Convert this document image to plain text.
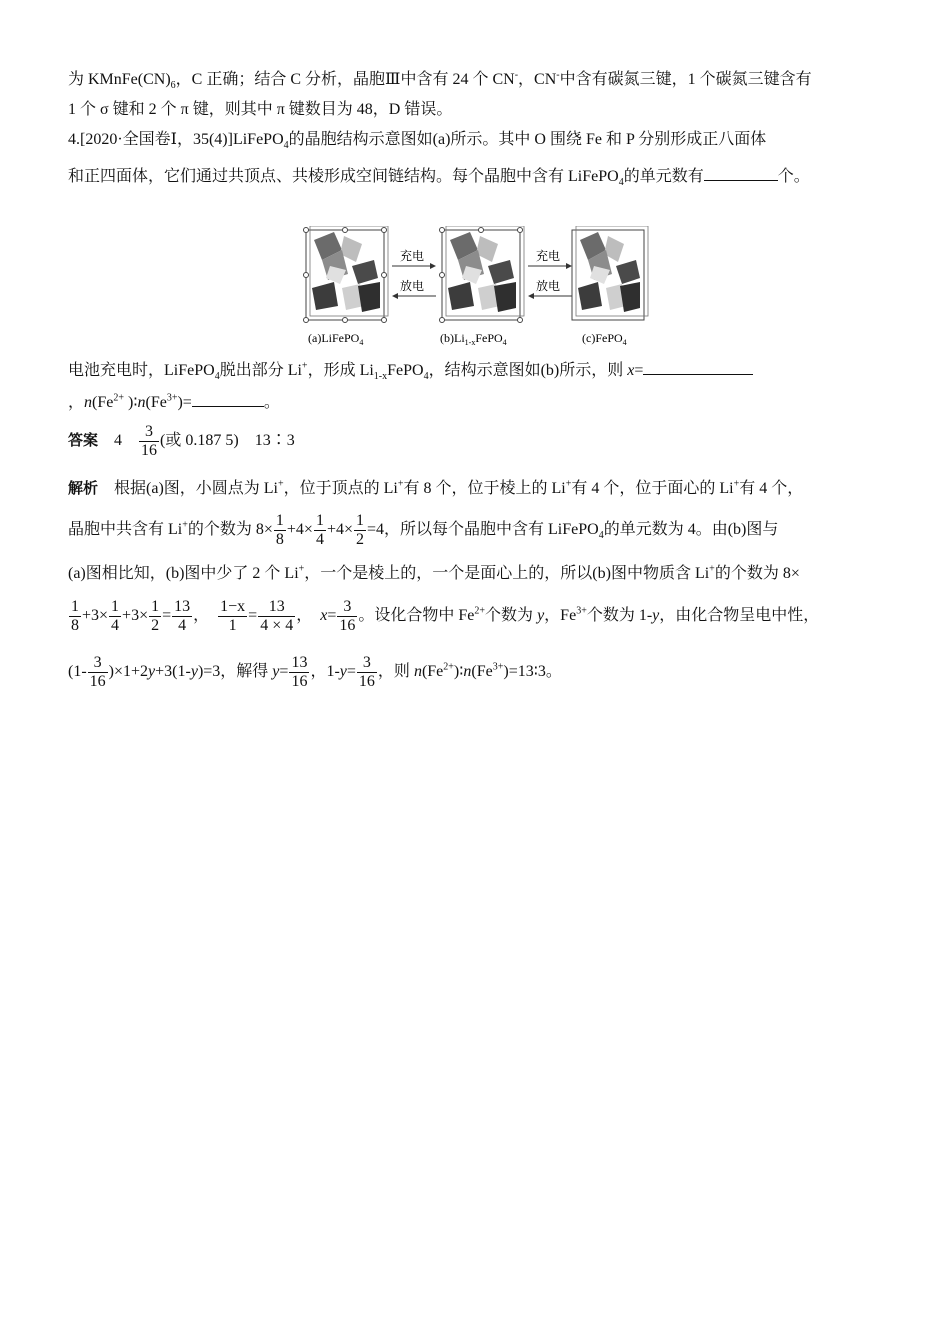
为 $KMnFe(CN)_6$，C 正确；结合 C 分析，晶胞Ⅲ中含有 24 个 CN-，CN-中含有碳氮三键，1 个碳氮三键含有
1 个 σ 键和 2 个 π 键，则其中 π 键数目为 48，D 错误。
4.[2020·全国卷Ⅰ，35(4)]LiFePO$_4$的晶胞结构示意图如(a)所示。其中 O 围绕 Fe 和 P 分别形成正八面体
和正四面体，它们通过共顶点、共棱形成空间链结构。每个晶胞中含有 LiFePO$_4$的单元数有	个。
充电
放电
充电
放电
(a)LiFePO$_4$	$(b)Li_{1-x}FePO_4$	(c)FePO$_4$
电池充电时，LiFePO$_4$脱出部分 Li+，形成 $Li_{1-x}FePO_4$，结构示意图如(b)所示，则 x=
，$n(Fe^{2+}$ )$∶n(Fe^{3+})=$	。
答案 $4 \frac{3}{16}$ (或 0.187 5) 13∶3
解析 根据(a)图，小圆点为 Li+，位于顶点的 Li+有 8 个，位于棱上的 Li+有 4 个，位于面心的 Li+有 4 个，
晶胞中共含有 Li+的个数为 $8\times \frac{1}{8} +4\times \frac{1}{4} +4\times \frac{1}{2} =4$，所以每个晶胞中含有 LiFePO$_4$的单元数为 4。由(b)图与
(a)图相比知，(b)图中少了 2 个 Li+，一个是棱上的，一个是面心上的，所以(b)图中物质含 Li+的个数为 8×
$\frac{1}{8} +3\times \frac{1}{4} +3\times \frac{1}{2} = \frac{13}{4}$ ， $\frac{1-x}{1} = \frac{13}{4 \times 4}$ ， $x= \frac{3}{16}$ 。设化合物中 $Fe^{2+}$个数为 y，$Fe^{3+}$个数为 1-y，由化合物呈电中性，
$(1- \frac{3}{16} )\times 1+2y+3(1-y)=3$，解得 $y= \frac{13}{16}$ ，$1-y= \frac{3}{16}$ ，则 $n(Fe^{2+})∶n(Fe^{3+})=13∶3$。
